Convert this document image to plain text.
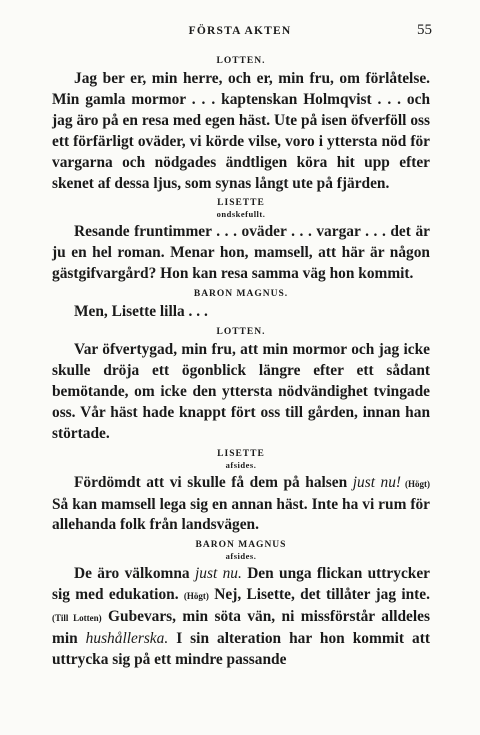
FÖRSTA AKTEN	55
LOTTEN.

Jag ber er, min herre, och er, min fru, om förlåtelse. Min gamla mormor . . . kaptenskan Holmqvist . . . och jag äro på en resa med egen häst. Ute på isen öfverföll oss ett förfärligt oväder, vi körde vilse, voro i yttersta nöd för vargarna och nödgades ändtligen köra hit upp efter skenet af dessa ljus, som synas långt ute på fjärden.

LISETTE
ondskefullt.

Resande fruntimmer . . . oväder . . . vargar . . . det är ju en hel roman. Menar hon, mamsell, att här är någon gästgifvargård? Hon kan resa samma väg hon kommit.

BARON MAGNUS.

Men, Lisette lilla . . .

LOTTEN.

Var öfvertygad, min fru, att min mormor och jag icke skulle dröja ett ögonblick längre efter ett sådant bemötande, om icke den yttersta nödvändighet tvingade oss. Vår häst hade knappt fört oss till gården, innan han störtade.

LISETTE
afsides.

Fördömdt att vi skulle få dem på halsen just nu! (Högt) Så kan mamsell lega sig en annan häst. Inte ha vi rum för allehanda folk från landsvägen.

BARON MAGNUS
afsides.

De äro välkomna just nu. Den unga flickan uttrycker sig med edukation. (Högt) Nej, Lisette, det tillåter jag inte. (Till Lotten) Gubevars, min söta vän, ni missförstår alldeles min hushållerska. I sin alteration har hon kommit att uttrycka sig på ett mindre passande
